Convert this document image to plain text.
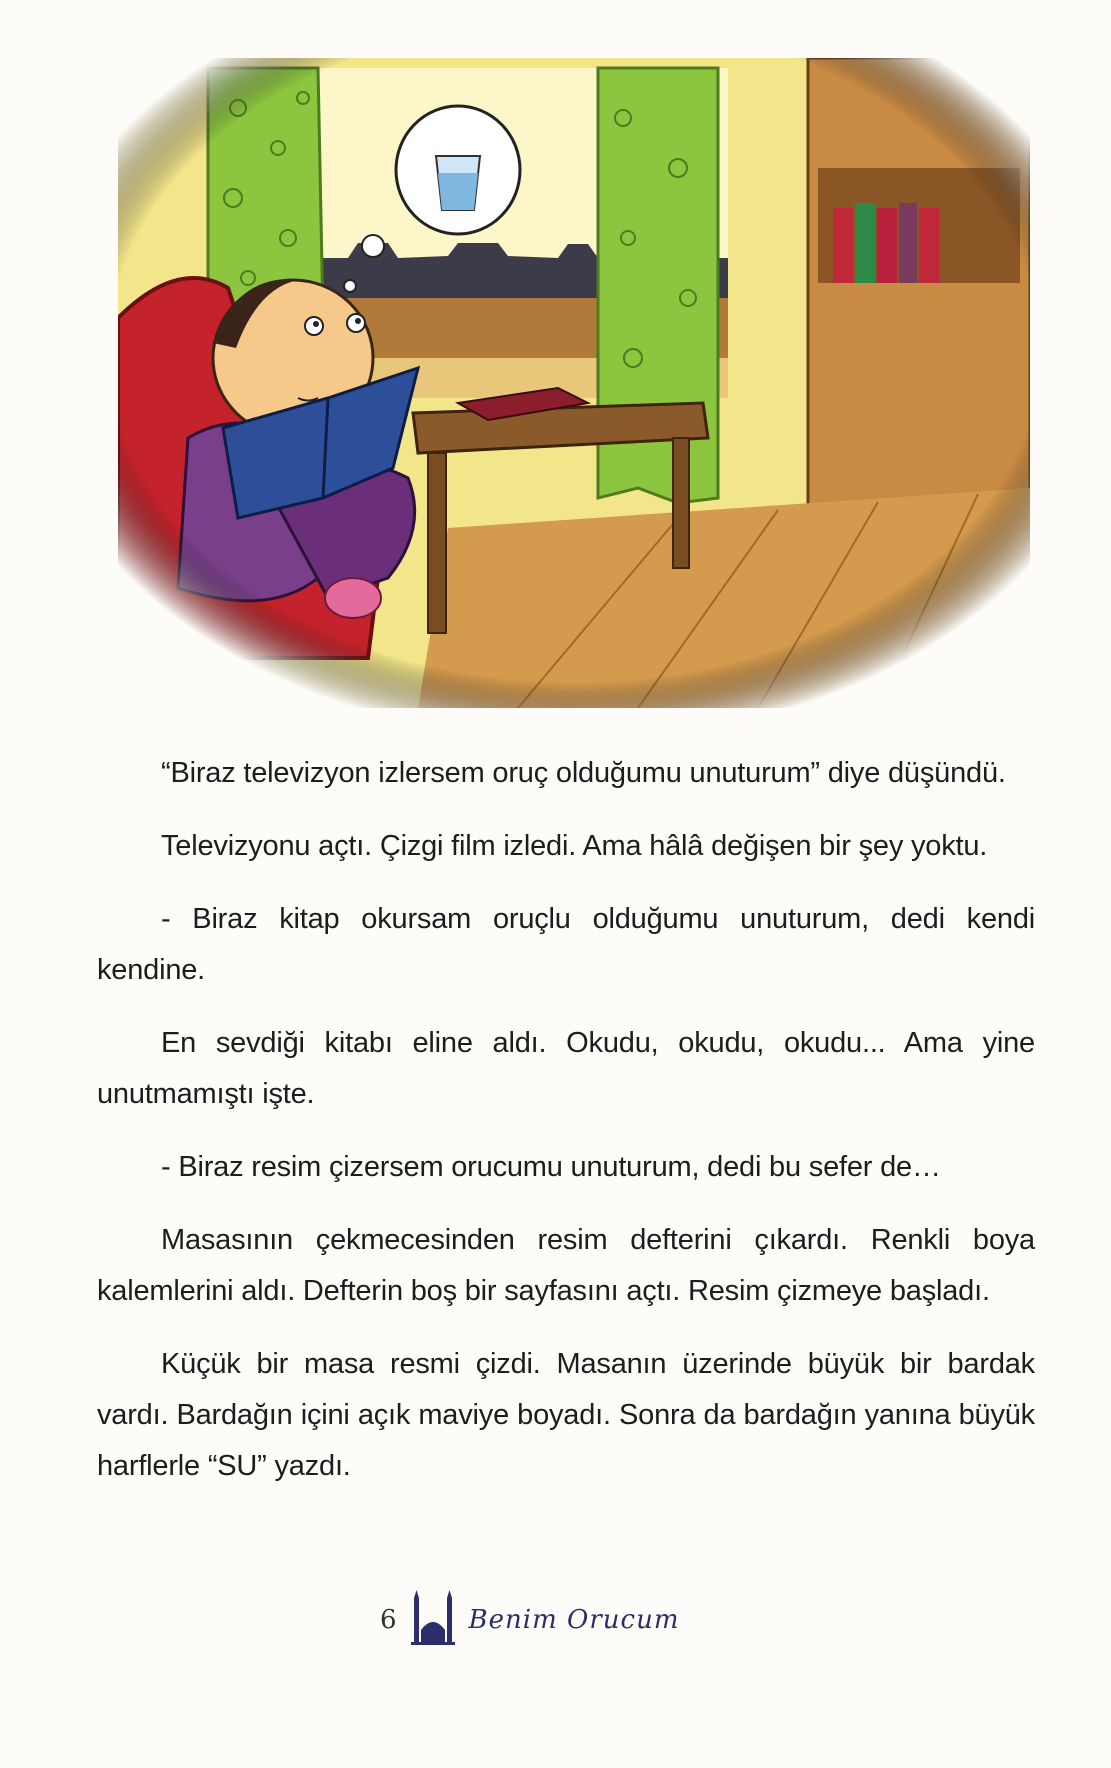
“Biraz televizyon izlersem oruç olduğumu unuturum” diye düşündü.

Televizyonu açtı. Çizgi film izledi. Ama hâlâ değişen bir şey yoktu.

- Biraz kitap okursam oruçlu olduğumu unuturum, dedi kendi kendine.

En sevdiği kitabı eline aldı. Okudu, okudu, okudu... Ama yine unutmamıştı işte.

- Biraz resim çizersem orucumu unuturum, dedi bu sefer de…

Masasının çekmecesinden resim defterini çıkardı. Renkli boya kalemlerini aldı. Defterin boş bir sayfasını açtı. Resim çizmeye başladı.

Küçük bir masa resmi çizdi. Masanın üzerinde büyük bir bardak vardı. Bardağın içini açık maviye boyadı. Sonra da bardağın yanına büyük harflerle “SU” yazdı.

6	Benim Orucum
